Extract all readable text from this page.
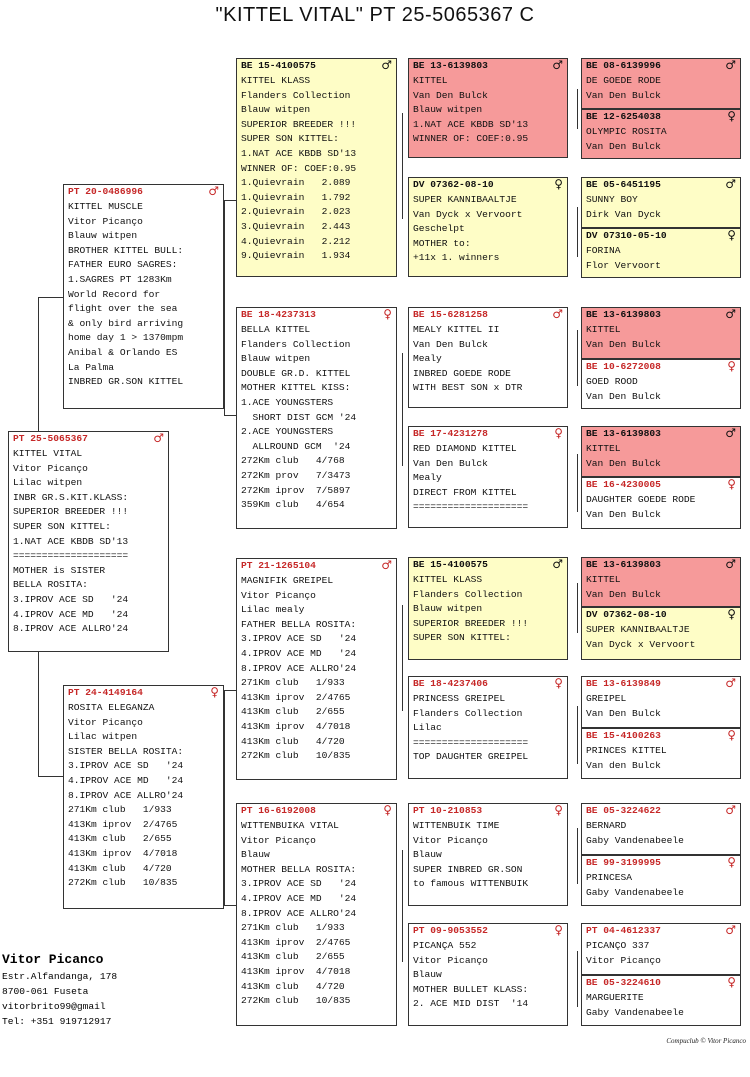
"KITTEL VITAL" PT 25-5065367 C
PT 25-5065367	♂
KITTEL VITAL
Vitor Picanço
Lilac witpen
INBR GR.S.KIT.KLASS:
SUPERIOR BREEDER !!!
SUPER SON KITTEL:
1.NAT ACE KBDB SD'13
====================
MOTHER is SISTER
BELLA ROSITA:
3.IPROV ACE SD   '24
4.IPROV ACE MD   '24
8.IPROV ACE ALLRO'24
PT 20-0486996	♂
KITTEL MUSCLE
Vitor Picanço
Blauw witpen
BROTHER KITTEL BULL:
FATHER EURO SAGRES:
1.SAGRES PT 1283Km
World Record for
flight over the sea
& only bird arriving
home day 1 > 1370mpm
Anibal & Orlando ES
La Palma
INBRED GR.SON KITTEL
PT 24-4149164	♀
ROSITA ELEGANZA
Vitor Picanço
Lilac witpen
SISTER BELLA ROSITA:
3.IPROV ACE SD   '24
4.IPROV ACE MD   '24
8.IPROV ACE ALLRO'24
271Km club   1/933
413Km iprov  2/4765
413Km club   2/655
413Km iprov  4/7018
413Km club   4/720
272Km club   10/835
BE 15-4100575	♂
KITTEL KLASS
Flanders Collection
Blauw witpen
SUPERIOR BREEDER !!!
SUPER SON KITTEL:
1.NAT ACE KBDB SD'13
WINNER OF: COEF:0.95
1.Quievrain   2.089
1.Quievrain   1.792
2.Quievrain   2.023
3.Quievrain   2.443
4.Quievrain   2.212
9.Quievrain   1.934
BE 18-4237313	♀
BELLA KITTEL
Flanders Collection
Blauw witpen
DOUBLE GR.D. KITTEL
MOTHER KITTEL KISS:
1.ACE YOUNGSTERS
SHORT DIST GCM '24
2.ACE YOUNGSTERS
ALLROUND GCM  '24
272Km club   4/768
272Km prov   7/3473
272Km iprov  7/5897
359Km club   4/654
PT 21-1265104	♂
MAGNIFIK GREIPEL
Vitor Picanço
Lilac mealy
FATHER BELLA ROSITA:
3.IPROV ACE SD   '24
4.IPROV ACE MD   '24
8.IPROV ACE ALLRO'24
271Km club   1/933
413Km iprov  2/4765
413Km club   2/655
413Km iprov  4/7018
413Km club   4/720
272Km club   10/835
PT 16-6192008	♀
WITTENBUIKA VITAL
Vitor Picanço
Blauw
MOTHER BELLA ROSITA:
3.IPROV ACE SD   '24
4.IPROV ACE MD   '24
8.IPROV ACE ALLRO'24
271Km club   1/933
413Km iprov  2/4765
413Km club   2/655
413Km iprov  4/7018
413Km club   4/720
272Km club   10/835
BE 13-6139803	♂
KITTEL
Van Den Bulck
Blauw witpen
1.NAT ACE KBDB SD'13
WINNER OF: COEF:0.95
DV 07362-08-10	♀
SUPER KANNIBAALTJE
Van Dyck x Vervoort
Geschelpt
MOTHER to:
+11x 1. winners
BE 15-6281258	♂
MEALY KITTEL II
Van Den Bulck
Mealy
INBRED GOEDE RODE
WITH BEST SON x DTR
BE 17-4231278	♀
RED DIAMOND KITTEL
Van Den Bulck
Mealy
DIRECT FROM KITTEL
====================
BE 15-4100575	♂
KITTEL KLASS
Flanders Collection
Blauw witpen
SUPERIOR BREEDER !!!
SUPER SON KITTEL:
BE 18-4237406	♀
PRINCESS GREIPEL
Flanders Collection
Lilac
====================
TOP DAUGHTER GREIPEL
PT 10-210853	♀
WITTENBUIK TIME
Vitor Picanço
Blauw
SUPER INBRED GR.SON
to famous WITTENBUIK
PT 09-9053552	♀
PICANÇA 552
Vitor Picanço
Blauw
MOTHER BULLET KLASS:
2. ACE MID DIST  '14
BE 08-6139996	♂
DE GOEDE RODE
Van Den Bulck
BE 12-6254038	♀
OLYMPIC ROSITA
Van Den Bulck
BE 05-6451195	♂
SUNNY BOY
Dirk Van Dyck
DV 07310-05-10	♀
FORINA
Flor Vervoort
BE 13-6139803	♂
KITTEL
Van Den Bulck
BE 10-6272008	♀
GOED ROOD
Van Den Bulck
BE 13-6139803	♂
KITTEL
Van Den Bulck
BE 16-4230005	♀
DAUGHTER GOEDE RODE
Van Den Bulck
BE 13-6139803	♂
KITTEL
Van Den Bulck
DV 07362-08-10	♀
SUPER KANNIBAALTJE
Van Dyck x Vervoort
BE 13-6139849	♂
GREIPEL
Van Den Bulck
BE 15-4100263	♀
PRINCES KITTEL
Van den Bulck
BE 05-3224622	♂
BERNARD
Gaby Vandenabeele
BE 99-3199995	♀
PRINCESA
Gaby Vandenabeele
PT 04-4612337	♂
PICANÇO 337
Vitor Picanço
BE 05-3224610	♀
MARGUERITE
Gaby Vandenabeele
Vitor Picanco
Estr.Alfandanga, 178
8700-061 Fuseta
vitorbrito99@gmail
Tel: +351 919712917
Compuclub © Vitor Picanco
